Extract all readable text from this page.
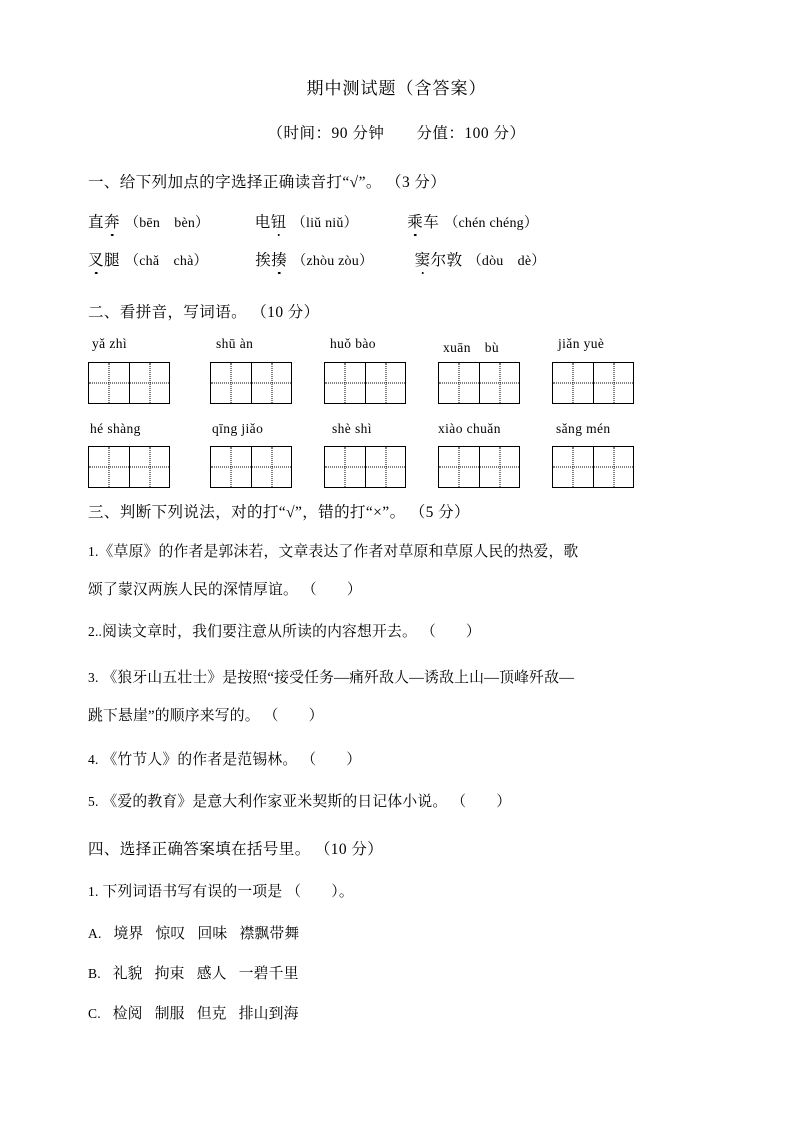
期中测试题（含答案）
（时间：90 分钟　　分值：100 分）
一、给下列加点的字选择正确读音打“√”。 （3 分）
直奔 （bēn　bèn）	电钮 （liǔ niǔ）	乘车 （chén chéng）
叉腿 （chǎ　chà）	挨揍 （zhòu zòu）	窦尔敦 （dòu　dè）
二、看拼音，写词语。 （10 分）
yǎ zhì	shū àn	huǒ bào	xuān　bù	jiǎn yuè
hé shàng	qīng jiǎo	shè shì	xiào chuǎn	sǎng mén
三、判断下列说法，对的打“√”，错的打“×”。 （5 分）
1.《草原》的作者是郭沫若，文章表达了作者对草原和草原人民的热爱，歌
颂了蒙汉两族人民的深情厚谊。 （　　）
2..阅读文章时，我们要注意从所读的内容想开去。 （　　）
3. 《狼牙山五壮士》是按照“接受任务—痛歼敌人—诱敌上山—顶峰歼敌—
跳下悬崖”的顺序来写的。 （　　）
4. 《竹节人》的作者是范锡林。 （　　）
5. 《爱的教育》是意大利作家亚米契斯的日记体小说。 （　　）
四、选择正确答案填在括号里。 （10 分）
1. 下列词语书写有误的一项是 （　　）。
A. 境界 惊叹 回味 襟飘带舞
B. 礼貌 拘束 感人 一碧千里
C. 检阅 制服 但克 排山到海
